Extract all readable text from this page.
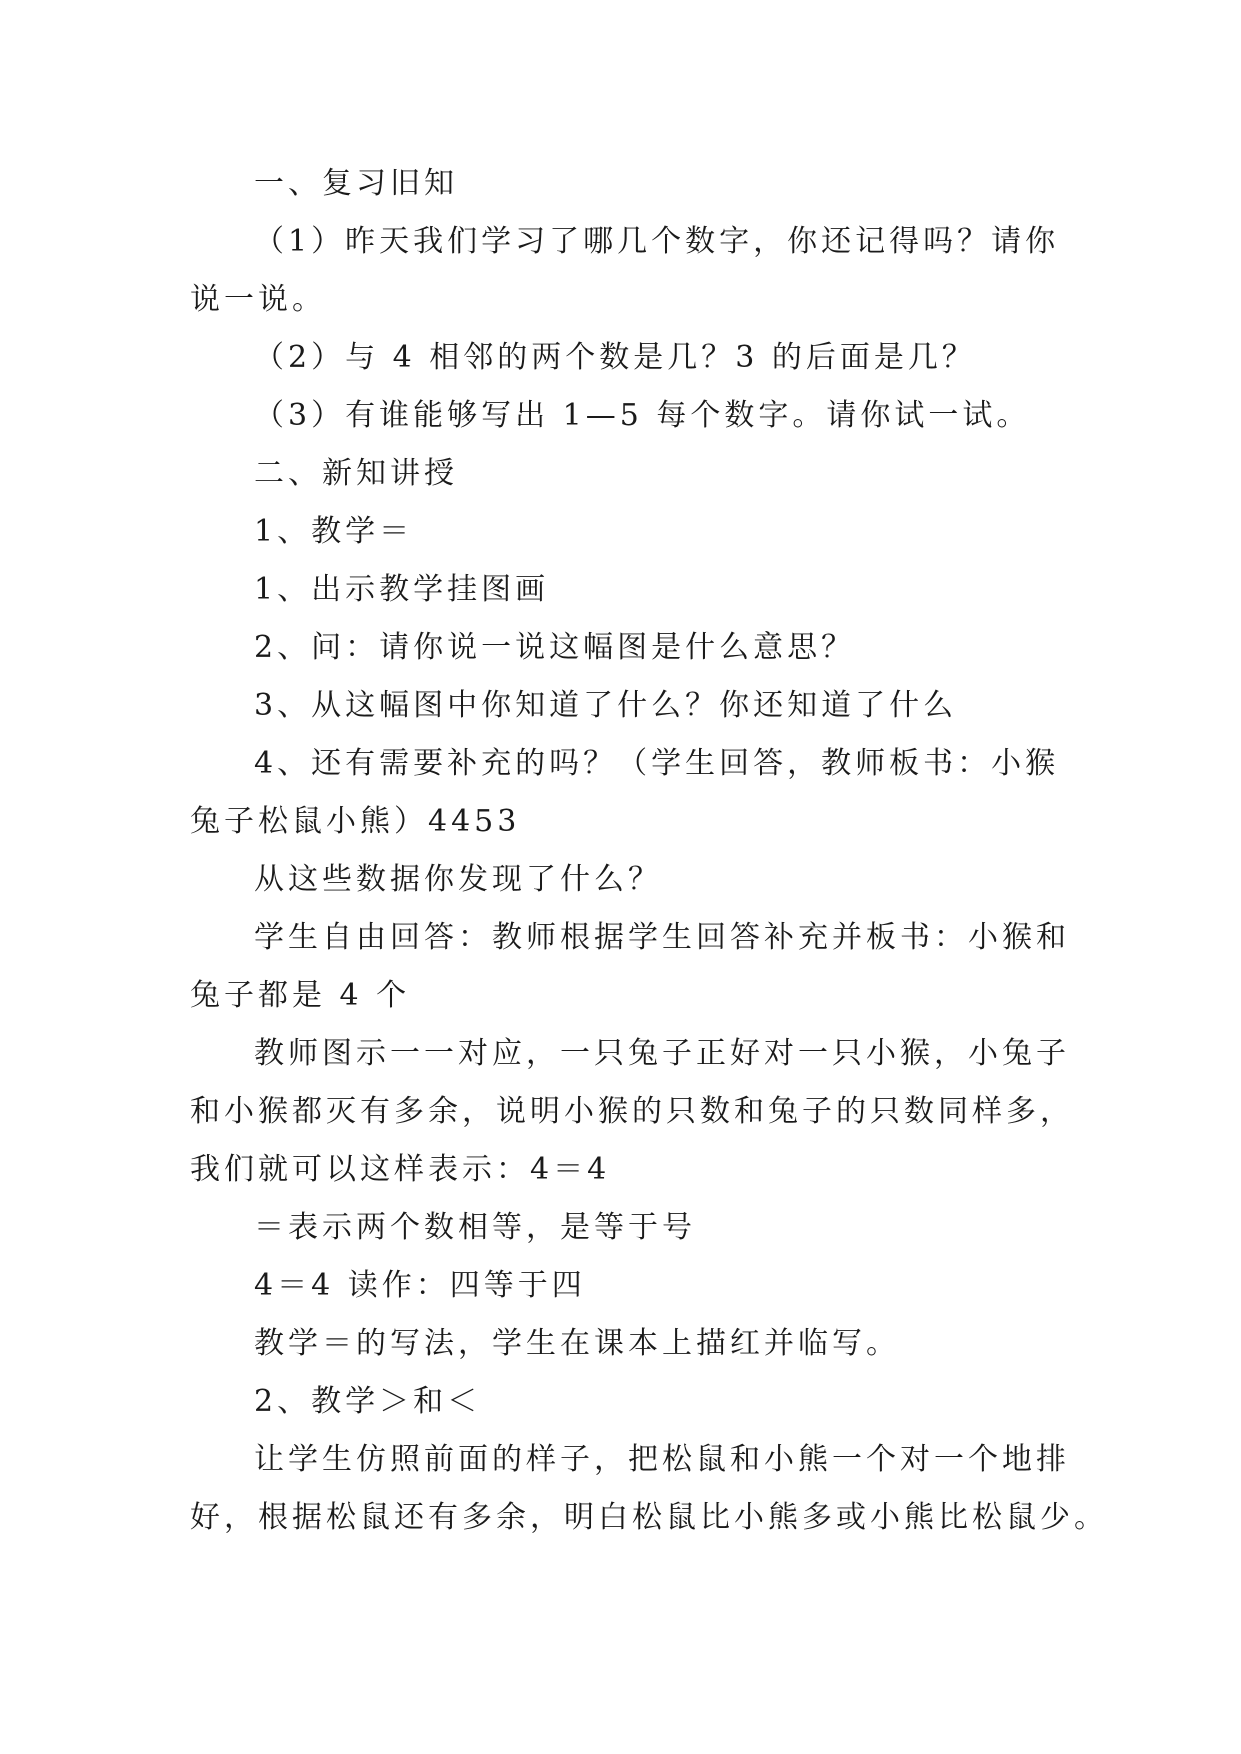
一、复习旧知
（1）昨天我们学习了哪几个数字，你还记得吗？请你
说一说。
（2）与 4 相邻的两个数是几？3 的后面是几？
（3）有谁能够写出 1—5 每个数字。请你试一试。
二、新知讲授
1、教学＝
1、出示教学挂图画
2、问：请你说一说这幅图是什么意思？
3、从这幅图中你知道了什么？你还知道了什么
4、还有需要补充的吗？（学生回答，教师板书：小猴
兔子松鼠小熊）4453
从这些数据你发现了什么？
学生自由回答：教师根据学生回答补充并板书：小猴和
兔子都是 4 个
教师图示一一对应，一只兔子正好对一只小猴，小兔子
和小猴都灭有多余，说明小猴的只数和兔子的只数同样多，
我们就可以这样表示：4＝4
＝表示两个数相等，是等于号
4＝4 读作：四等于四
教学＝的写法，学生在课本上描红并临写。
2、教学＞和＜
让学生仿照前面的样子，把松鼠和小熊一个对一个地排
好，根据松鼠还有多余，明白松鼠比小熊多或小熊比松鼠少。
